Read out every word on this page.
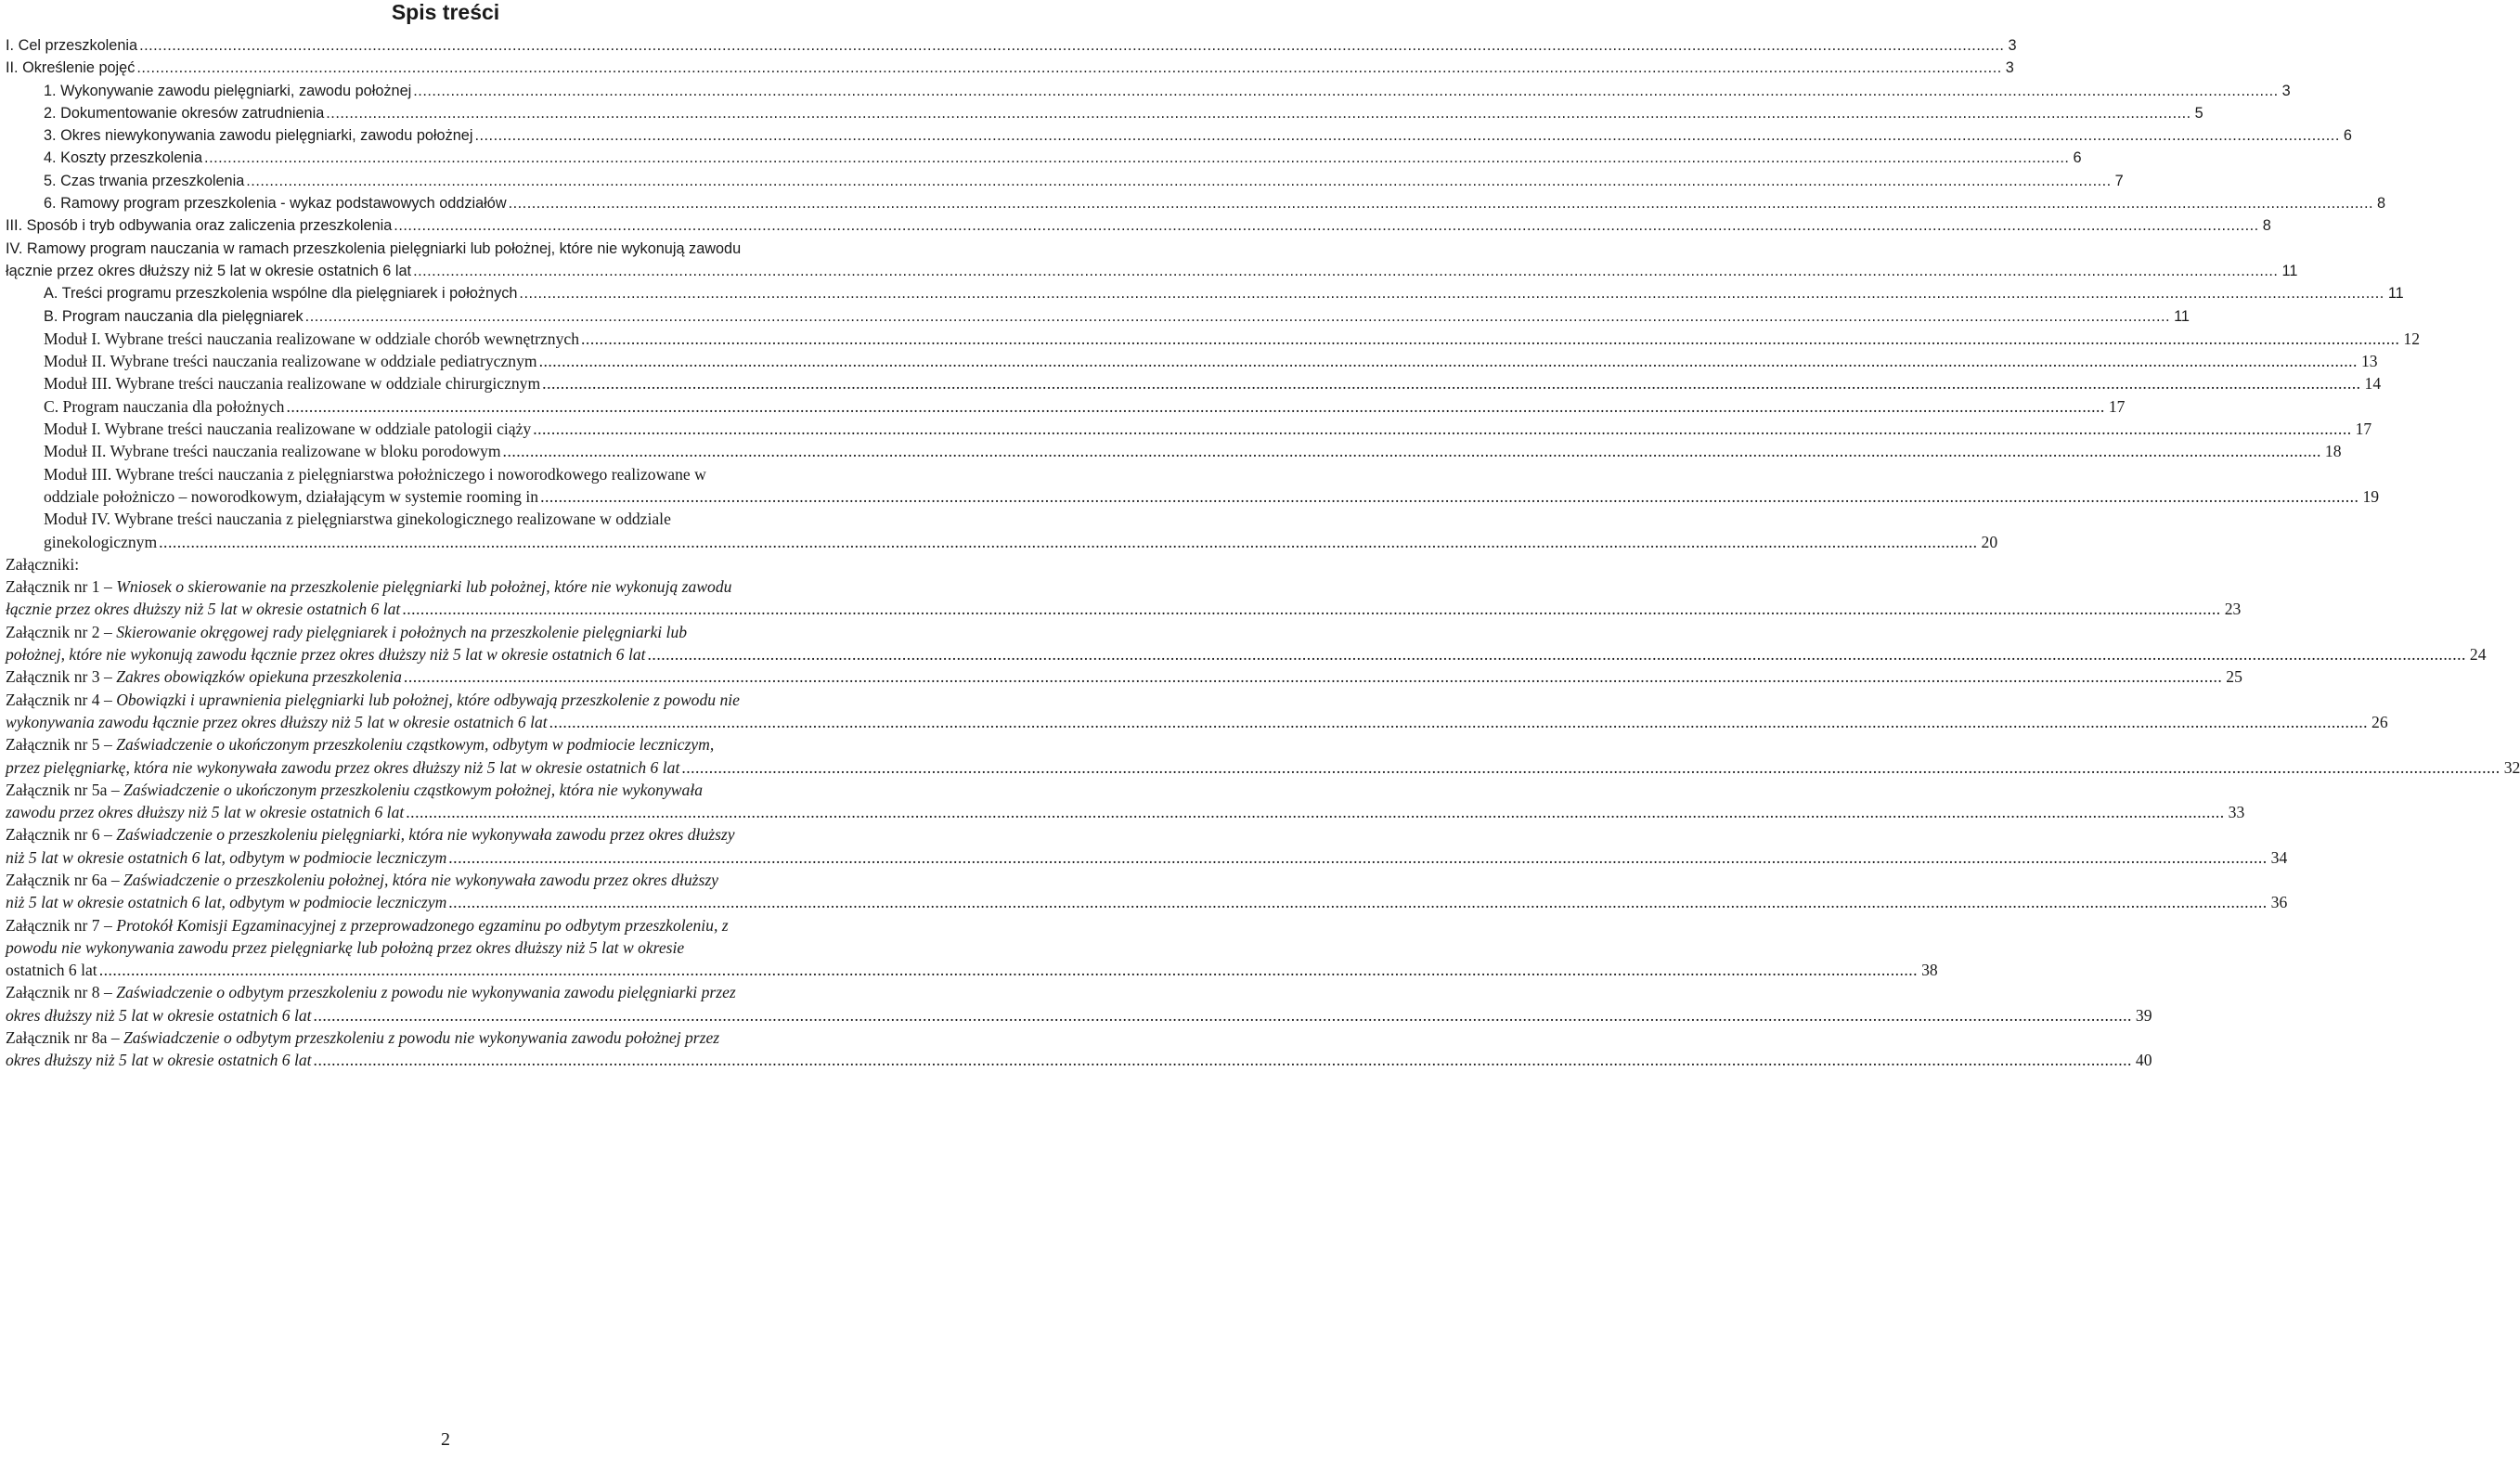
Spis treści
I. Cel przeszkolenia ................................................................................................................................................................................................................................................................................................................................................................................................................ 3
II. Określenie pojęć ................................................................................................................................................................................................................................................................................................................................................................................................................ 3
1. Wykonywanie zawodu pielęgniarki, zawodu położnej ................................................................................................................................................................................................................................................................................................................................................................................................................ 3
2. Dokumentowanie okresów zatrudnienia ................................................................................................................................................................................................................................................................................................................................................................................................................ 5
3. Okres niewykonywania zawodu pielęgniarki, zawodu położnej ................................................................................................................................................................................................................................................................................................................................................................................................................ 6
4. Koszty przeszkolenia ................................................................................................................................................................................................................................................................................................................................................................................................................ 6
5. Czas trwania przeszkolenia ................................................................................................................................................................................................................................................................................................................................................................................................................ 7
6. Ramowy program przeszkolenia - wykaz podstawowych oddziałów ................................................................................................................................................................................................................................................................................................................................................................................................................ 8
III. Sposób i tryb odbywania oraz zaliczenia przeszkolenia ................................................................................................................................................................................................................................................................................................................................................................................................................ 8
IV. Ramowy program nauczania w ramach przeszkolenia pielęgniarki lub położnej, które nie wykonują zawodu
łącznie przez okres dłuższy niż 5 lat w okresie ostatnich 6 lat ................................................................................................................................................................................................................................................................................................................................................................................................................ 11
A. Treści programu przeszkolenia wspólne dla pielęgniarek i położnych ................................................................................................................................................................................................................................................................................................................................................................................................................ 11
B. Program nauczania dla pielęgniarek ................................................................................................................................................................................................................................................................................................................................................................................................................ 11
Moduł I. Wybrane treści nauczania realizowane w oddziale chorób wewnętrznych ................................................................................................................................................................................................................................................................................................................................................................................................................ 12
Moduł II. Wybrane treści nauczania realizowane w oddziale pediatrycznym ................................................................................................................................................................................................................................................................................................................................................................................................................ 13
Moduł III. Wybrane treści nauczania realizowane w oddziale chirurgicznym ................................................................................................................................................................................................................................................................................................................................................................................................................ 14
C. Program nauczania dla położnych ................................................................................................................................................................................................................................................................................................................................................................................................................ 17
Moduł I. Wybrane treści nauczania realizowane w oddziale patologii ciąży ................................................................................................................................................................................................................................................................................................................................................................................................................ 17
Moduł II. Wybrane treści nauczania realizowane w bloku porodowym ................................................................................................................................................................................................................................................................................................................................................................................................................ 18
Moduł III. Wybrane treści nauczania z pielęgniarstwa położniczego i noworodkowego realizowane w
oddziale położniczo – noworodkowym, działającym w systemie rooming in ................................................................................................................................................................................................................................................................................................................................................................................................................ 19
Moduł IV. Wybrane treści nauczania z pielęgniarstwa ginekologicznego realizowane w oddziale
ginekologicznym ................................................................................................................................................................................................................................................................................................................................................................................................................ 20
Załączniki:
Załącznik nr 1 – Wniosek o skierowanie na przeszkolenie pielęgniarki lub położnej, które nie wykonują zawodu
łącznie przez okres dłuższy niż 5 lat w okresie ostatnich 6 lat ................................................................................................................................................................................................................................................................................................................................................................................................................ 23
Załącznik nr 2 – Skierowanie okręgowej rady pielęgniarek i położnych na przeszkolenie pielęgniarki lub
położnej, które nie wykonują zawodu łącznie przez okres dłuższy niż 5 lat w okresie ostatnich 6 lat ................................................................................................................................................................................................................................................................................................................................................................................................................ 24
Załącznik nr 3 – Zakres obowiązków opiekuna przeszkolenia ................................................................................................................................................................................................................................................................................................................................................................................................................ 25
Załącznik nr 4 – Obowiązki i uprawnienia pielęgniarki lub położnej, które odbywają przeszkolenie z powodu nie
wykonywania zawodu łącznie przez okres dłuższy niż 5 lat w okresie ostatnich 6 lat ................................................................................................................................................................................................................................................................................................................................................................................................................ 26
Załącznik nr 5 – Zaświadczenie o ukończonym przeszkoleniu cząstkowym, odbytym w podmiocie leczniczym,
przez pielęgniarkę, która nie wykonywała zawodu przez okres dłuższy niż 5 lat w okresie ostatnich 6 lat ................................................................................................................................................................................................................................................................................................................................................................................................................ 32
Załącznik nr 5a – Zaświadczenie o ukończonym przeszkoleniu cząstkowym położnej, która nie wykonywała
zawodu przez okres dłuższy niż 5 lat w okresie ostatnich 6 lat ................................................................................................................................................................................................................................................................................................................................................................................................................ 33
Załącznik nr 6 – Zaświadczenie o przeszkoleniu pielęgniarki, która nie wykonywała zawodu przez okres dłuższy
niż 5 lat w okresie ostatnich 6 lat, odbytym w podmiocie leczniczym ................................................................................................................................................................................................................................................................................................................................................................................................................ 34
Załącznik nr 6a – Zaświadczenie o przeszkoleniu położnej, która nie wykonywała zawodu przez okres dłuższy
niż 5 lat w okresie ostatnich 6 lat, odbytym w podmiocie leczniczym ................................................................................................................................................................................................................................................................................................................................................................................................................ 36
Załącznik nr 7 – Protokół Komisji Egzaminacyjnej z przeprowadzonego egzaminu po odbytym przeszkoleniu, z
powodu nie wykonywania zawodu przez pielęgniarkę lub położną przez okres dłuższy niż 5 lat w okresie
ostatnich 6 lat ................................................................................................................................................................................................................................................................................................................................................................................................................ 38
Załącznik nr 8 – Zaświadczenie o odbytym przeszkoleniu z powodu nie wykonywania zawodu pielęgniarki przez
okres dłuższy niż 5 lat w okresie ostatnich 6 lat ................................................................................................................................................................................................................................................................................................................................................................................................................ 39
Załącznik nr 8a – Zaświadczenie o odbytym przeszkoleniu z powodu nie wykonywania zawodu położnej przez
okres dłuższy niż 5 lat w okresie ostatnich 6 lat ................................................................................................................................................................................................................................................................................................................................................................................................................ 40
2
